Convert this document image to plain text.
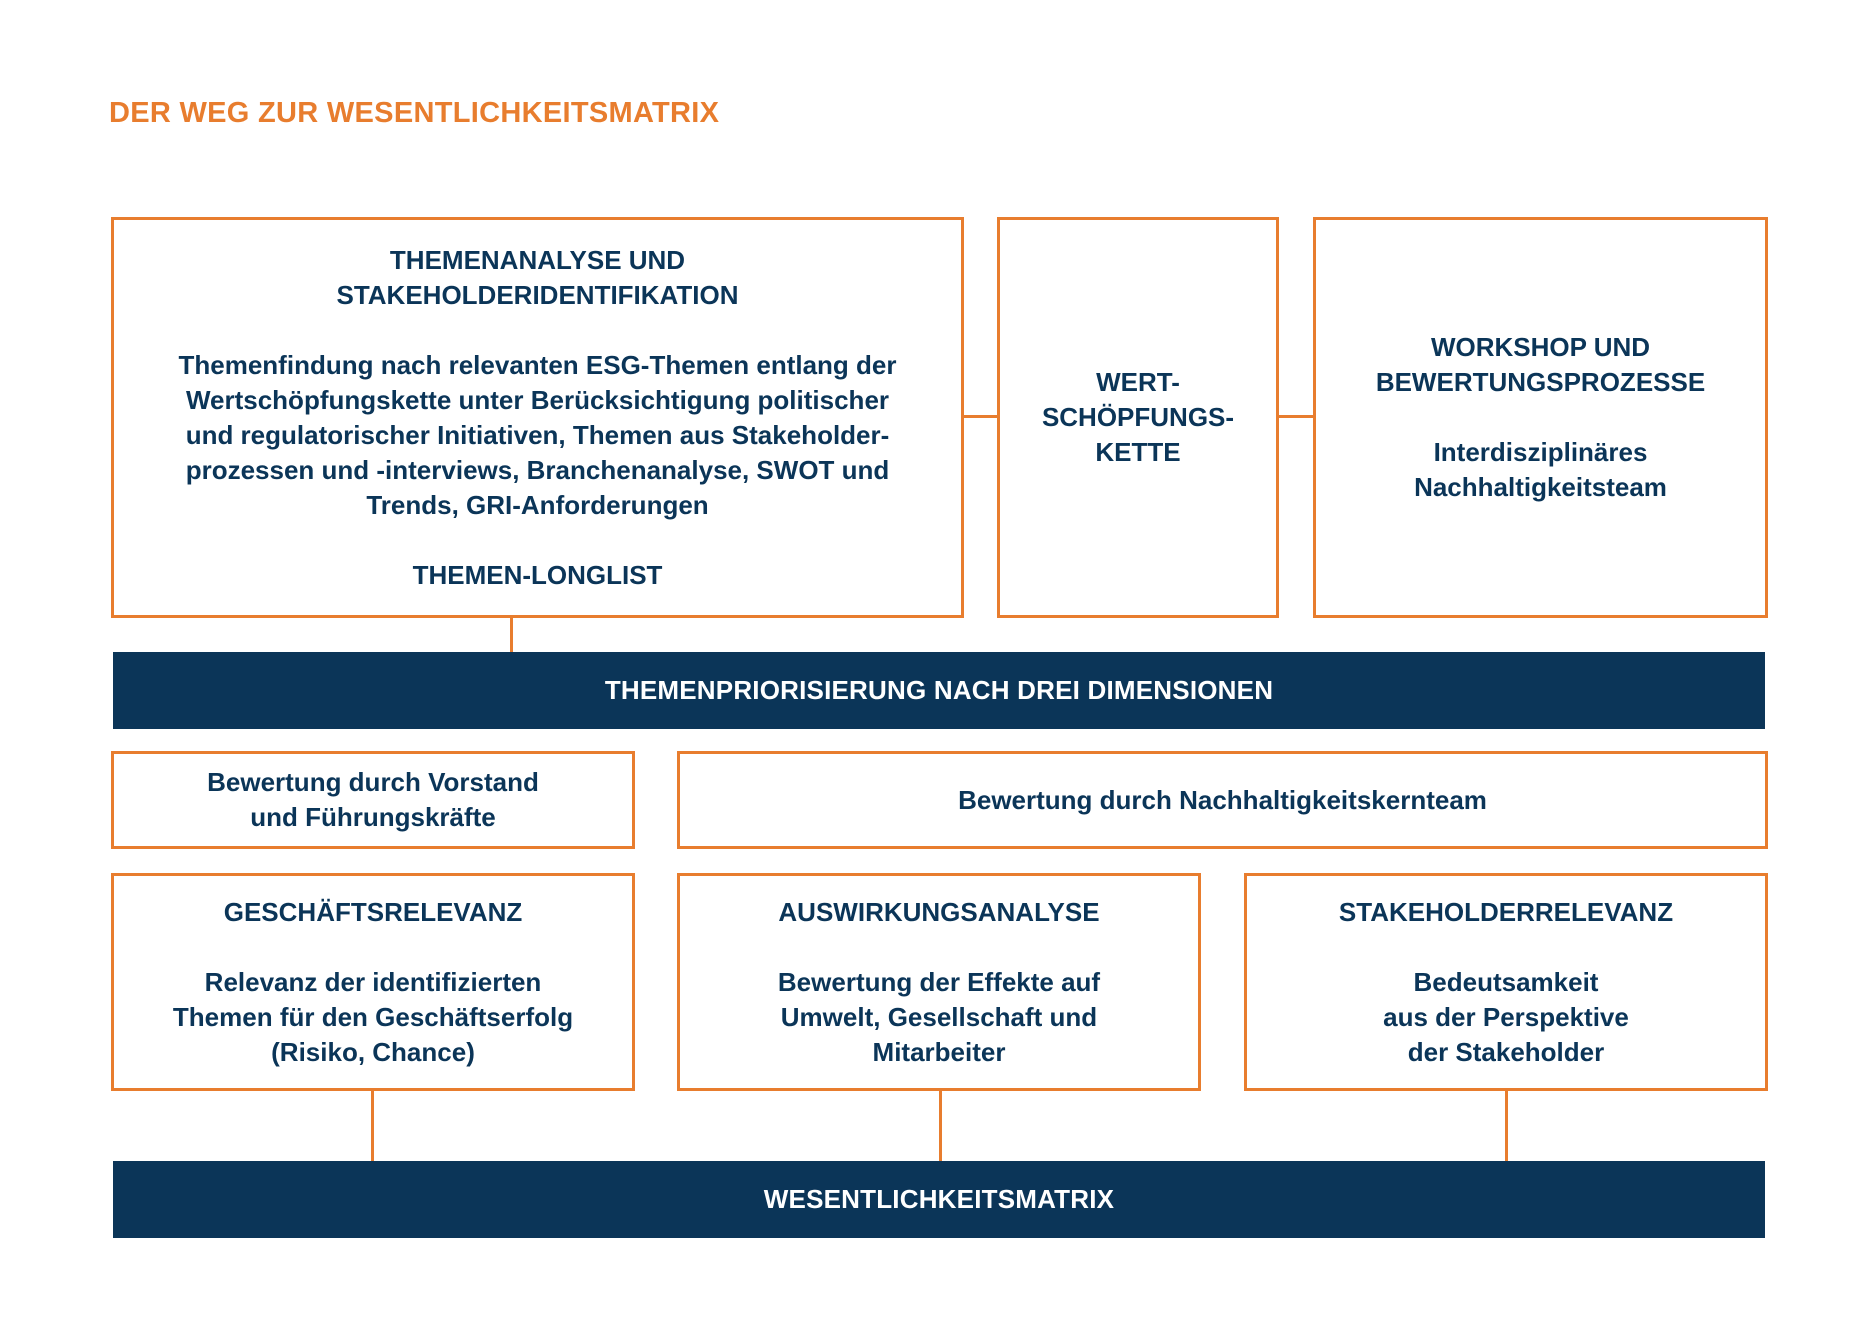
DER WEG ZUR WESENTLICHKEITSMATRIX
THEMENANALYSE UND
STAKEHOLDERIDENTIFIKATION
Themenfindung nach relevanten ESG-Themen entlang der
Wertschöpfungskette unter Berücksichtigung politischer
und regulatorischer Initiativen, Themen aus Stakeholder-
prozessen und -interviews, Branchenanalyse, SWOT und
Trends, GRI-Anforderungen
THEMEN-LONGLIST
WERT-
SCHÖPFUNGS-
KETTE
WORKSHOP UND
BEWERTUNGSPROZESSE
Interdisziplinäres
Nachhaltigkeitsteam
THEMENPRIORISIERUNG NACH DREI DIMENSIONEN
Bewertung durch Vorstand
und Führungskräfte
Bewertung durch Nachhaltigkeitskernteam
GESCHÄFTSRELEVANZ
Relevanz der identifizierten
Themen für den Geschäftserfolg
(Risiko, Chance)
AUSWIRKUNGSANALYSE
Bewertung der Effekte auf
Umwelt, Gesellschaft und
Mitarbeiter
STAKEHOLDERRELEVANZ
Bedeutsamkeit
aus der Perspektive
der Stakeholder
WESENTLICHKEITSMATRIX
